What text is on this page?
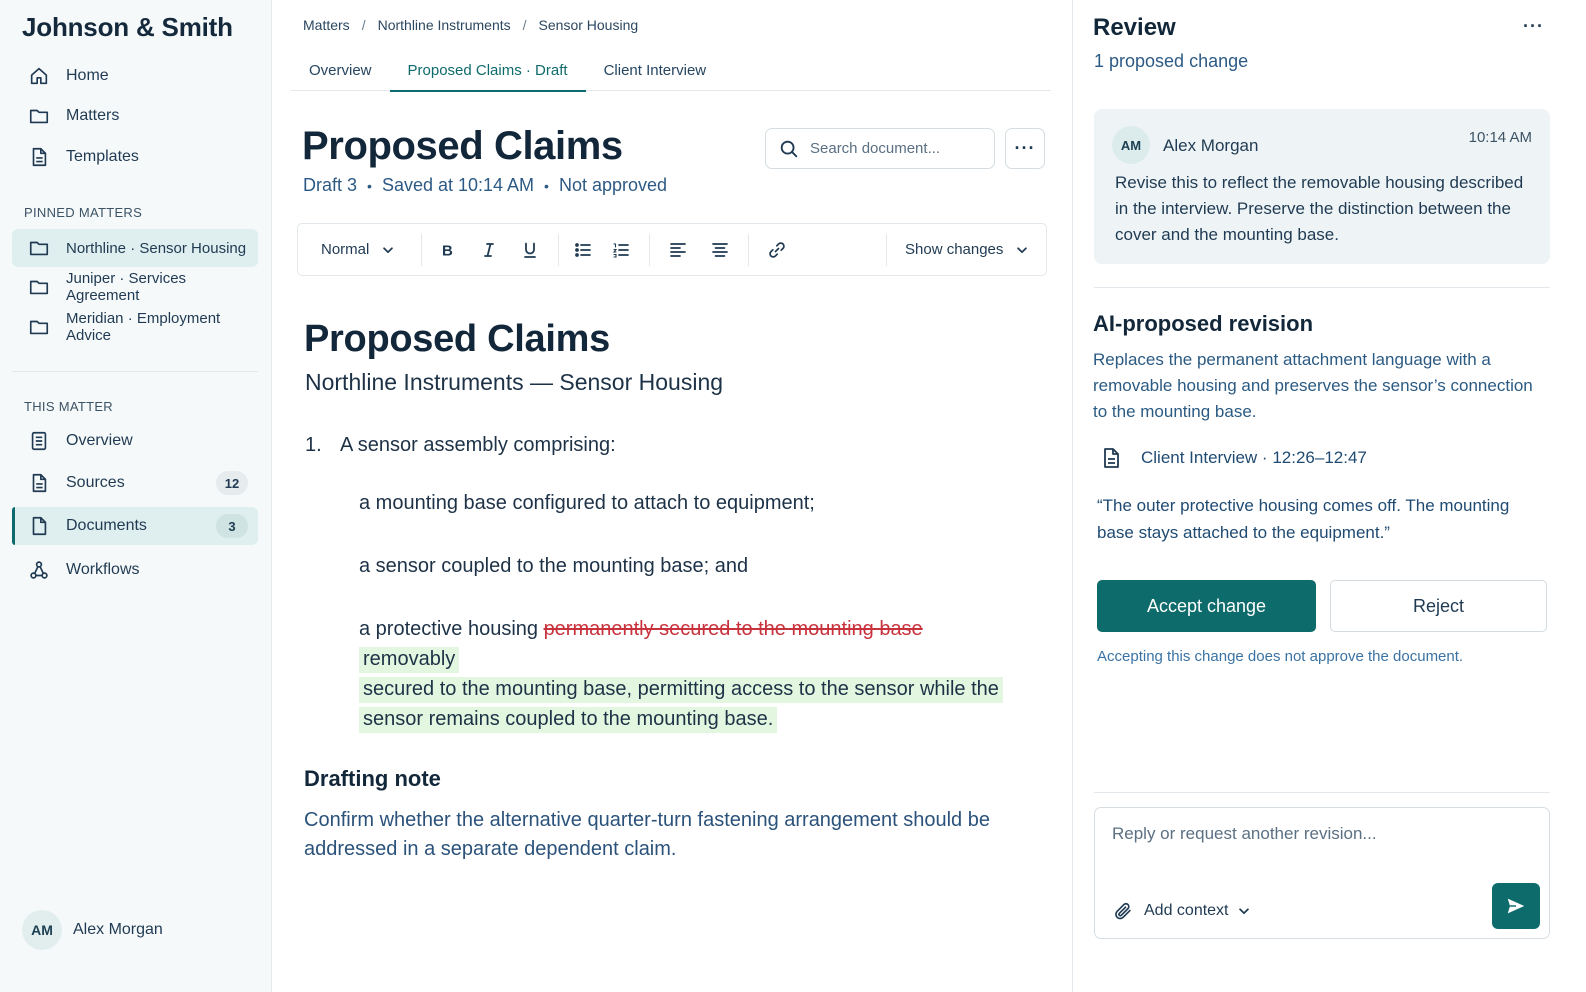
Johnson & Smith
Home
Matters
Templates
PINNED MATTERS
Northline · Sensor Housing
Juniper · Services Agreement
Meridian · Employment Advice
THIS MATTER
Overview
Sources	12
Documents	3
Workflows
AM	Alex Morgan
Matters / Northline Instruments / Sensor Housing
Overview	Proposed Claims · Draft	Client Interview
Proposed Claims
Draft 3 • Saved at 10:14 AM • Not approved
Search document...
···
Normal	B	Show changes
Proposed Claims
Northline Instruments — Sensor Housing
1. A sensor assembly comprising:
a mounting base configured to attach to equipment;
a sensor coupled to the mounting base; and
a protective housing permanently secured to the mounting base removably
secured to the mounting base, permitting access to the sensor while the
sensor remains coupled to the mounting base.
Drafting note

Confirm whether the alternative quarter-turn fastening arrangement should be addressed in a separate dependent claim.

Review	···
1 proposed change
AM	Alex Morgan	10:14 AM

Revise this to reflect the removable housing described in the interview. Preserve the distinction between the cover and the mounting base.

AI-proposed revision

Replaces the permanent attachment language with a removable housing and preserves the sensor’s connection to the mounting base.

Client Interview · 12:26–12:47

“The outer protective housing comes off. The mounting base stays attached to the equipment.”

Accept change	Reject
Accepting this change does not approve the document.
Reply or request another revision...
Add context
